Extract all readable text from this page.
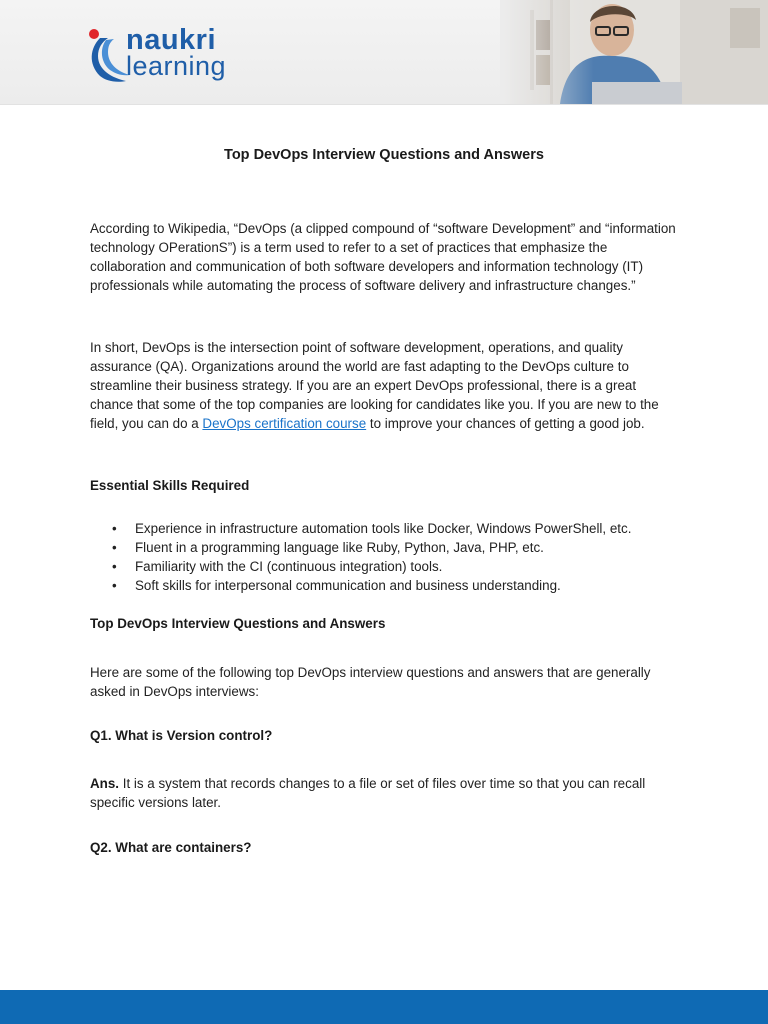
naukri
learning
Top DevOps Interview Questions and Answers

According to Wikipedia, “DevOps (a clipped compound of “software Development” and “information technology OPerationS”) is a term used to refer to a set of practices that emphasize the collaboration and communication of both software developers and information technology (IT) professionals while automating the process of software delivery and infrastructure changes.”

In short, DevOps is the intersection point of software development, operations, and quality assurance (QA). Organizations around the world are fast adapting to the DevOps culture to streamline their business strategy. If you are an expert DevOps professional, there is a great chance that some of the top companies are looking for candidates like you. If you are new to the field, you can do a DevOps certification course to improve your chances of getting a good job.

Essential Skills Required
• Experience in infrastructure automation tools like Docker, Windows PowerShell, etc.
• Fluent in a programming language like Ruby, Python, Java, PHP, etc.
• Familiarity with the CI (continuous integration) tools.
• Soft skills for interpersonal communication and business understanding.
Top DevOps Interview Questions and Answers

Here are some of the following top DevOps interview questions and answers that are generally asked in DevOps interviews:

Q1. What is Version control?

Ans. It is a system that records changes to a file or set of files over time so that you can recall specific versions later.

Q2. What are containers?
